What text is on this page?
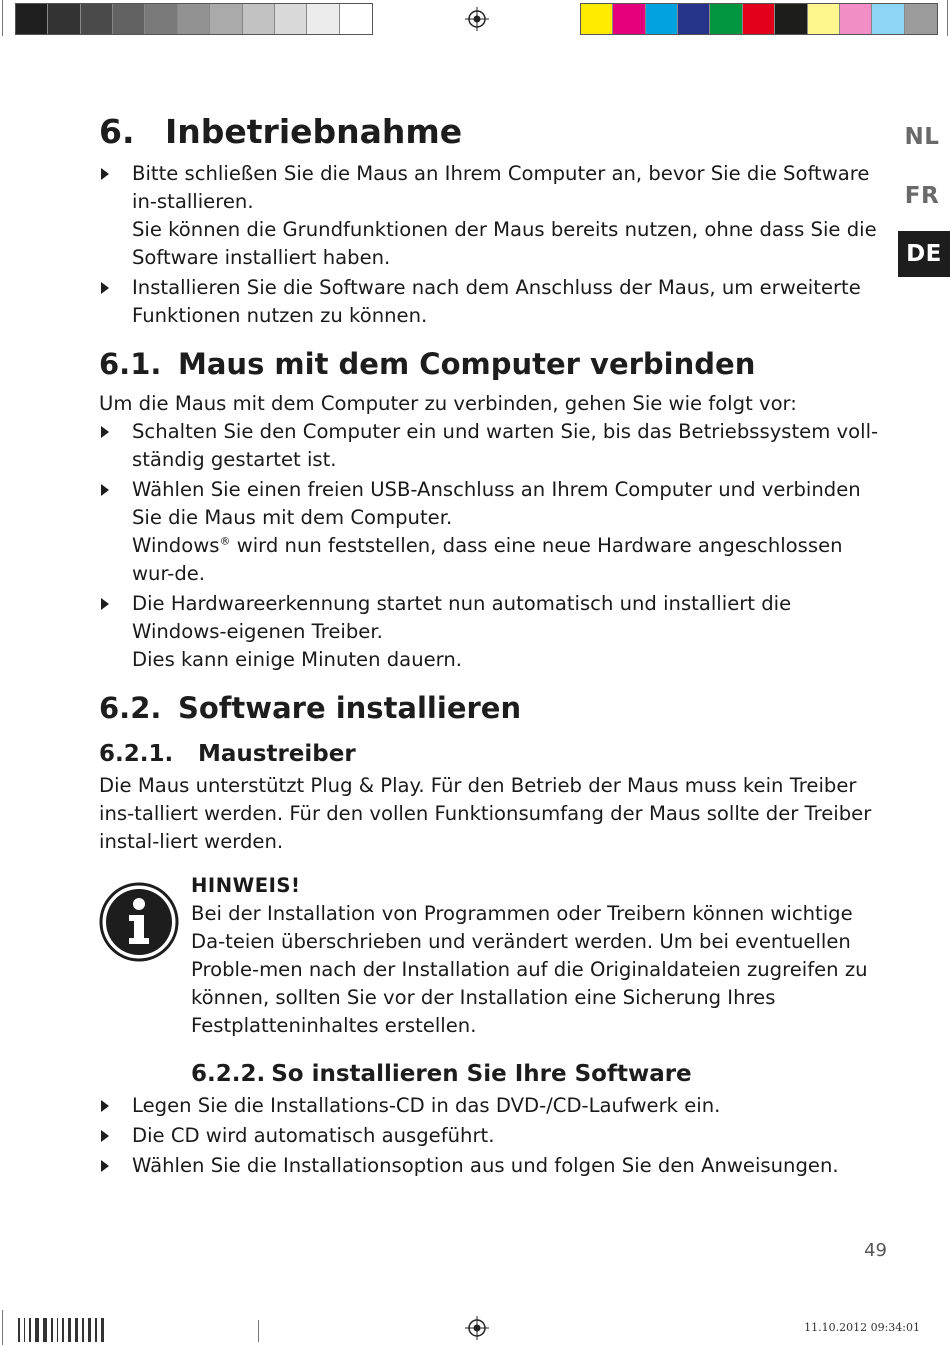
NL
FR
DE
6. Inbetriebnahme
Bitte schließen Sie die Maus an Ihrem Computer an, bevor Sie die Software in-stallieren.
Sie können die Grundfunktionen der Maus bereits nutzen, ohne dass Sie die Software installiert haben.
Installieren Sie die Software nach dem Anschluss der Maus, um erweiterte Funktionen nutzen zu können.
6.1. Maus mit dem Computer verbinden

Um die Maus mit dem Computer zu verbinden, gehen Sie wie folgt vor:

Schalten Sie den Computer ein und warten Sie, bis das Betriebssystem voll-ständig gestartet ist.
Wählen Sie einen freien USB-Anschluss an Ihrem Computer und verbinden Sie die Maus mit dem Computer.
Windows® wird nun feststellen, dass eine neue Hardware angeschlossen wur-de.
Die Hardwareerkennung startet nun automatisch und installiert die Windows-eigenen Treiber.
Dies kann einige Minuten dauern.
6.2. Software installieren
6.2.1. Maustreiber

Die Maus unterstützt Plug & Play. Für den Betrieb der Maus muss kein Treiber ins-talliert werden. Für den vollen Funktionsumfang der Maus sollte der Treiber instal-liert werden.

HINWEIS!

Bei der Installation von Programmen oder Treibern können wichtige Da-teien überschrieben und verändert werden. Um bei eventuellen Proble-men nach der Installation auf die Originaldateien zugreifen zu können, sollten Sie vor der Installation eine Sicherung Ihres Festplatteninhaltes erstellen.

6.2.2. So installieren Sie Ihre Software
Legen Sie die Installations-CD in das DVD-/CD-Laufwerk ein.
Die CD wird automatisch ausgeführt.
Wählen Sie die Installationsoption aus und folgen Sie den Anweisungen.
49
11.10.2012 09:34:01
